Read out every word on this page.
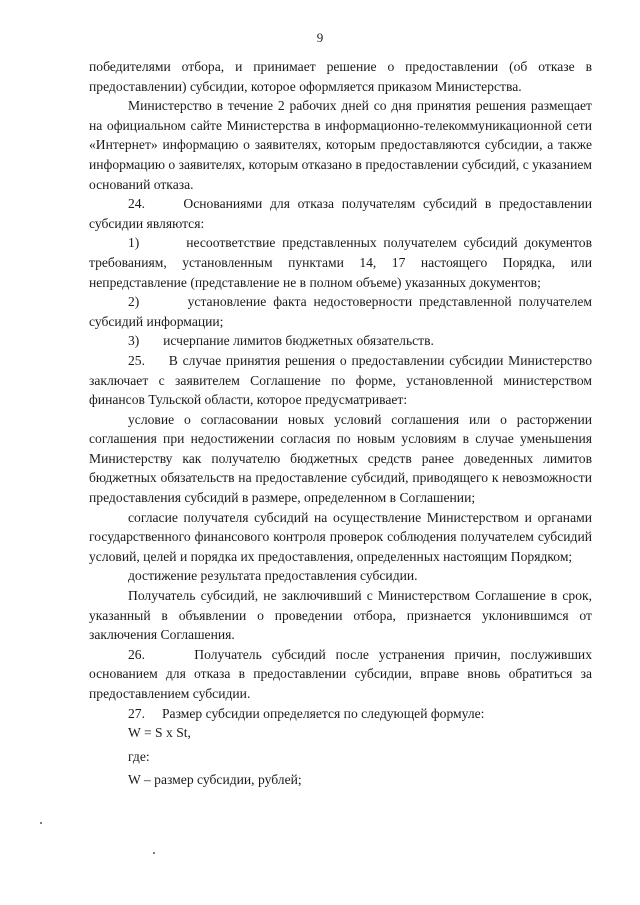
9

победителями отбора, и принимает решение о предоставлении (об отказе в предоставлении) субсидии, которое оформляется приказом Министерства.

Министерство в течение 2 рабочих дней со дня принятия решения размещает на официальном сайте Министерства в информационно-телекоммуникационной сети «Интернет» информацию о заявителях, которым предоставляются субсидии, а также информацию о заявителях, которым отказано в предоставлении субсидий, с указанием оснований отказа.

24.     Основаниями для отказа получателям субсидий в предоставлении субсидии являются:

1)       несоответствие представленных получателем субсидий документов требованиям, установленным пунктами 14, 17 настоящего Порядка, или непредставление (представление не в полном объеме) указанных документов;

2)       установление факта недостоверности представленной получателем субсидий информации;

3)       исчерпание лимитов бюджетных обязательств.

25.     В случае принятия решения о предоставлении субсидии Министерство заключает с заявителем Соглашение по форме, установленной министерством финансов Тульской области, которое предусматривает:

условие о согласовании новых условий соглашения или о расторжении соглашения при недостижении согласия по новым условиям в случае уменьшения Министерству как получателю бюджетных средств ранее доведенных лимитов бюджетных обязательств на предоставление субсидий, приводящего к невозможности предоставления субсидий в размере, определенном в Соглашении;

согласие получателя субсидий на осуществление Министерством и органами государственного финансового контроля проверок соблюдения получателем субсидий условий, целей и порядка их предоставления, определенных настоящим Порядком;

достижение результата предоставления субсидии.

Получатель субсидий, не заключивший с Министерством Соглашение в срок, указанный в объявлении о проведении отбора, признается уклонившимся от заключения Соглашения.

26.     Получатель субсидий после устранения причин, послуживших основанием для отказа в предоставлении субсидии, вправе вновь обратиться за предоставлением субсидии.

27.     Размер субсидии определяется по следующей формуле:

W = S x St,

где:

W – размер субсидии, рублей;
